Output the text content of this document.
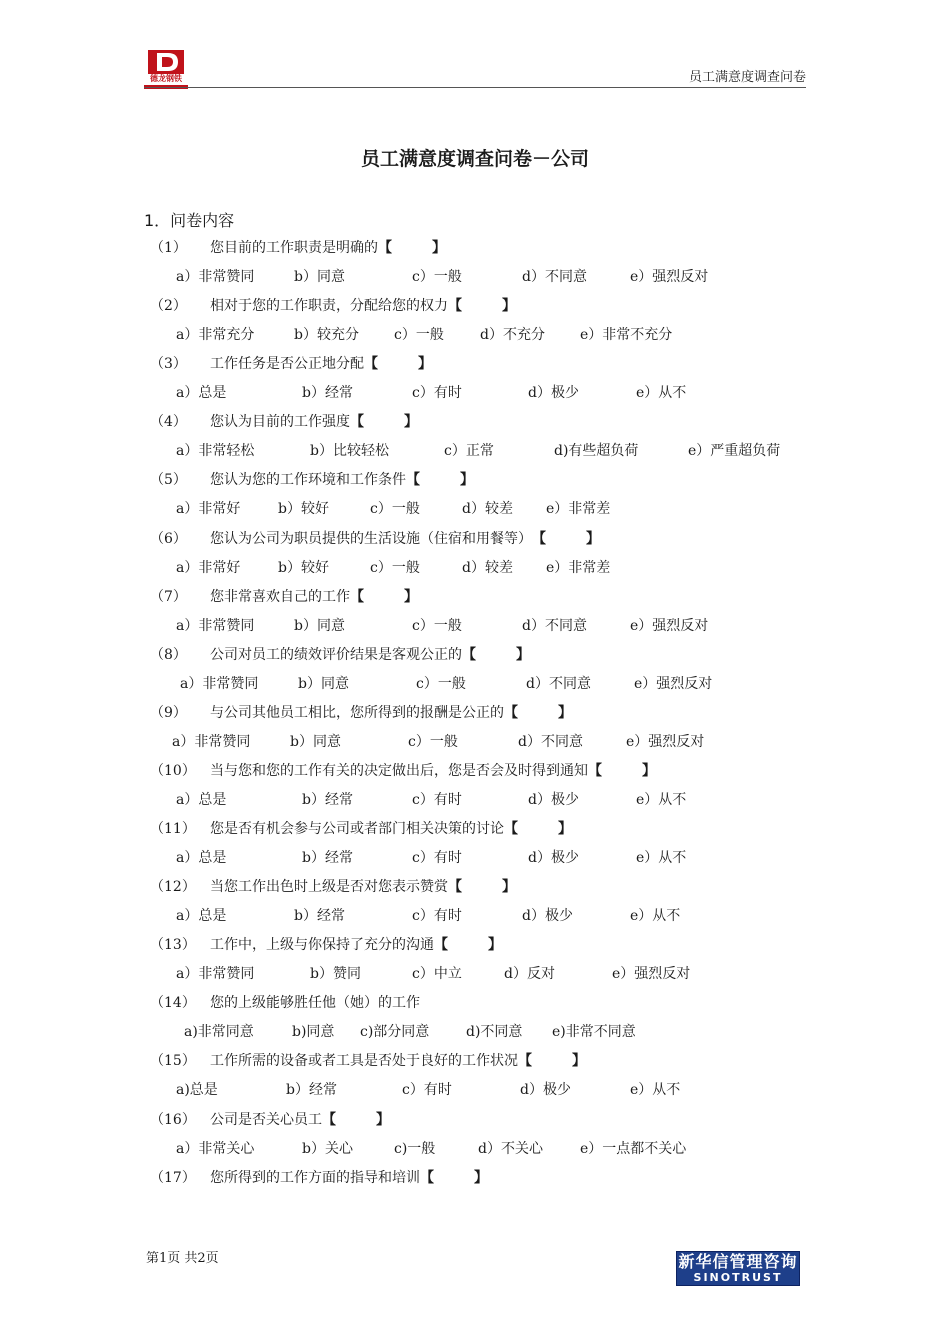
德龙钢铁	员工满意度调查问卷
员工满意度调查问卷－公司
1．问卷内容
（1） 您目前的工作职责是明确的【	】
a）非常赞同	b）同意	c）一般	d）不同意	e）强烈反对
（2） 相对于您的工作职责，分配给您的权力【	】
a）非常充分	b）较充分	c）一般	d）不充分	e）非常不充分
（3） 工作任务是否公正地分配【	】
a）总是	b）经常	c）有时	d）极少	e）从不
（4） 您认为目前的工作强度【	】
a）非常轻松	b）比较轻松	c）正常	d)有些超负荷	e）严重超负荷
（5） 您认为您的工作环境和工作条件【	】
a）非常好	b）较好	c）一般	d）较差 e）非常差
（6） 您认为公司为职员提供的生活设施（住宿和用餐等）【	】
a）非常好	b）较好	c）一般	d）较差 e）非常差
（7） 您非常喜欢自己的工作【	】
a）非常赞同	b）同意	c）一般	d）不同意	e）强烈反对
（8） 公司对员工的绩效评价结果是客观公正的【	】
a）非常赞同	b）同意	c）一般	d）不同意	e）强烈反对
（9） 与公司其他员工相比，您所得到的报酬是公正的【	】
a）非常赞同	b）同意	c）一般	d）不同意	e）强烈反对
（10） 当与您和您的工作有关的决定做出后，您是否会及时得到通知【	】
a）总是	b）经常	c）有时	d）极少	e）从不
（11） 您是否有机会参与公司或者部门相关决策的讨论【	】
a）总是	b）经常	c）有时	d）极少	e）从不
（12） 当您工作出色时上级是否对您表示赞赏【	】
a）总是	b）经常	c）有时	d）极少	e）从不
（13） 工作中，上级与你保持了充分的沟通【	】
a）非常赞同	b）赞同	c）中立	d）反对	e）强烈反对
（14） 您的上级能够胜任他（她）的工作
a)非常同意	b)同意 c)部分同意	d)不同意 e)非常不同意
（15） 工作所需的设备或者工具是否处于良好的工作状况【	】
a)总是	b）经常	c）有时	d）极少	e）从不
（16） 公司是否关心员工【	】
a）非常关心	b）关心	c)一般	d）不关心	e）一点都不关心
（17） 您所得到的工作方面的指导和培训【	】
第1页 共2页	新华信管理咨询
SINOTRUST
